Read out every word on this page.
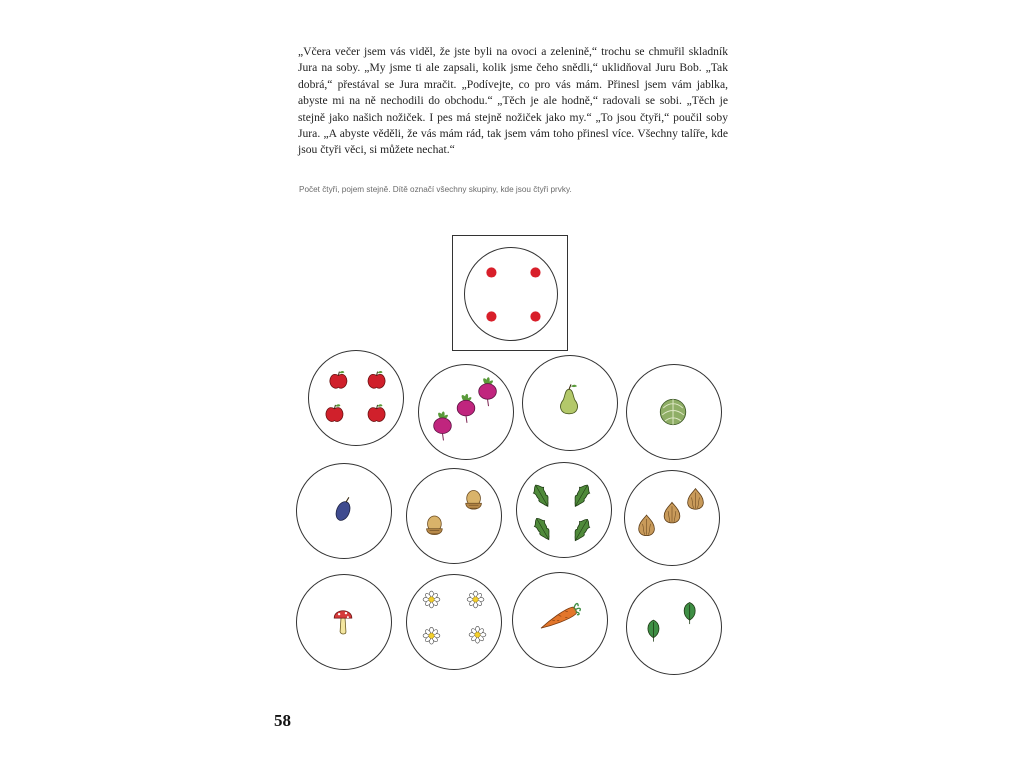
„Včera večer jsem vás viděl, že jste byli na ovoci a zelenině,“ trochu se chmuřil skladník Jura na soby. „My jsme ti ale zapsali, kolik jsme čeho snědli,“ uklidňoval Juru Bob. „Tak dobrá,“ přestával se Jura mračit. „Podívejte, co pro vás mám. Přinesl jsem vám jablka, abyste mi na ně nechodili do obchodu.“ „Těch je ale hodně,“ radovali se sobi. „Těch je stejně jako našich nožiček. I pes má stejně nožiček jako my.“ „To jsou čtyři,“ poučil soby Jura. „A abyste věděli, že vás mám rád, tak jsem vám toho přinesl více. Všechny talíře, kde jsou čtyři věci, si můžete nechat.“

Počet čtyři, pojem stejně. Dítě označí všechny skupiny, kde jsou čtyři prvky.

58
